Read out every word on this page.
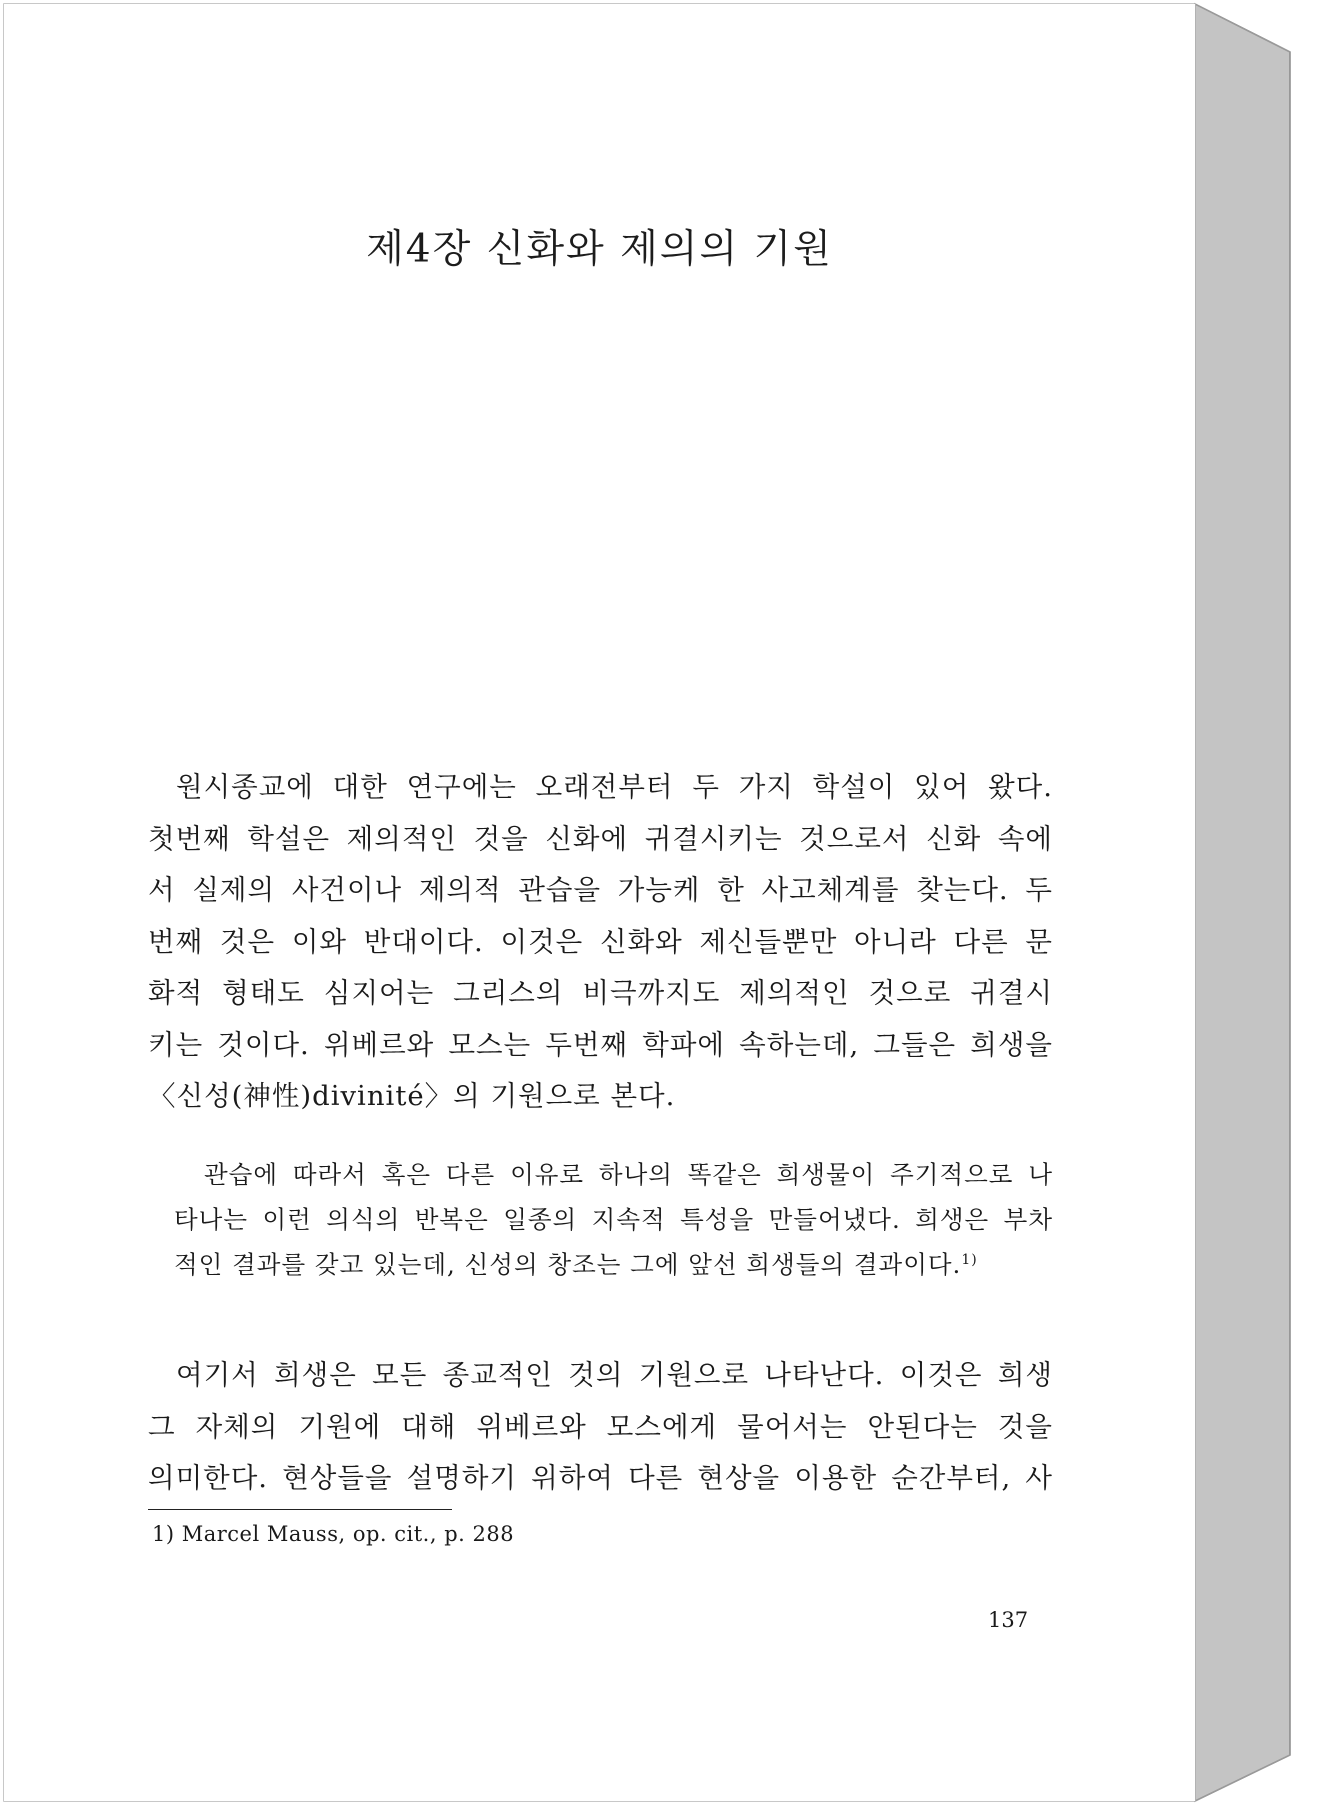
제4장 신화와 제의의 기원

원시종교에 대한 연구에는 오래전부터 두 가지 학설이 있어 왔다.
첫번째 학설은 제의적인 것을 신화에 귀결시키는 것으로서 신화 속에
서 실제의 사건이나 제의적 관습을 가능케 한 사고체계를 찾는다. 두
번째 것은 이와 반대이다. 이것은 신화와 제신들뿐만 아니라 다른 문
화적 형태도 심지어는 그리스의 비극까지도 제의적인 것으로 귀결시
키는 것이다. 위베르와 모스는 두번째 학파에 속하는데, 그들은 희생을
〈신성(神性)divinité〉의 기원으로 본다.

관습에 따라서 혹은 다른 이유로 하나의 똑같은 희생물이 주기적으로 나
타나는 이런 의식의 반복은 일종의 지속적 특성을 만들어냈다. 희생은 부차
적인 결과를 갖고 있는데, 신성의 창조는 그에 앞선 희생들의 결과이다.$^{1)}$

여기서 희생은 모든 종교적인 것의 기원으로 나타난다. 이것은 희생
그 자체의 기원에 대해 위베르와 모스에게 물어서는 안된다는 것을
의미한다. 현상들을 설명하기 위하여 다른 현상을 이용한 순간부터, 사

1) Marcel Mauss, op. cit., p. 288
137
